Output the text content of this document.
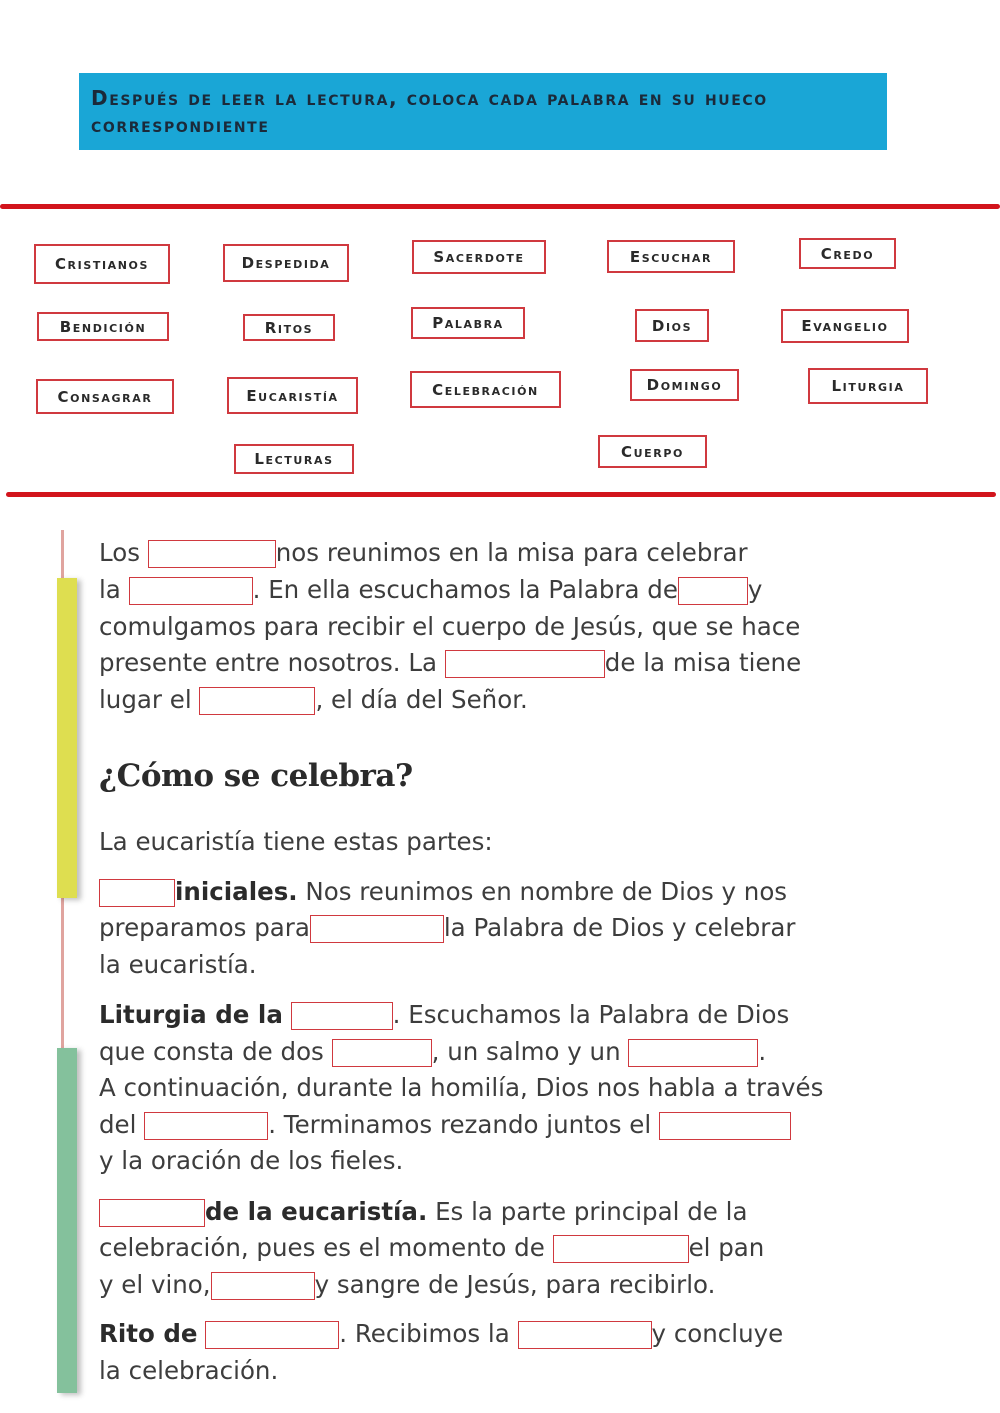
Después de leer la lectura, coloca cada palabra en su hueco correspondiente
Cristianos	Despedida	Sacerdote	Escuchar	Credo
Bendición	Ritos	Palabra	Dios	Evangelio
Consagrar	Eucaristía	Celebración	Domingo	Liturgia
Lecturas	Cuerpo
Los	nos reunimos en la misa para celebrar
la	. En ella escuchamos la Palabra de	y
comulgamos para recibir el cuerpo de Jesús, que se hace
presente entre nosotros. La	de la misa tiene
lugar el	, el día del Señor.
¿Cómo se celebra?
La eucaristía tiene estas partes:
iniciales. Nos reunimos en nombre de Dios y nos
preparamos para	la Palabra de Dios y celebrar
la eucaristía.
Liturgia de la	. Escuchamos la Palabra de Dios
que consta de dos	, un salmo y un	.
A continuación, durante la homilía, Dios nos habla a través
del	. Terminamos rezando juntos el
y la oración de los fieles.
de la eucaristía. Es la parte principal de la
celebración, pues es el momento de	el pan
y el vino,	y sangre de Jesús, para recibirlo.
Rito de	. Recibimos la	y concluye
la celebración.
